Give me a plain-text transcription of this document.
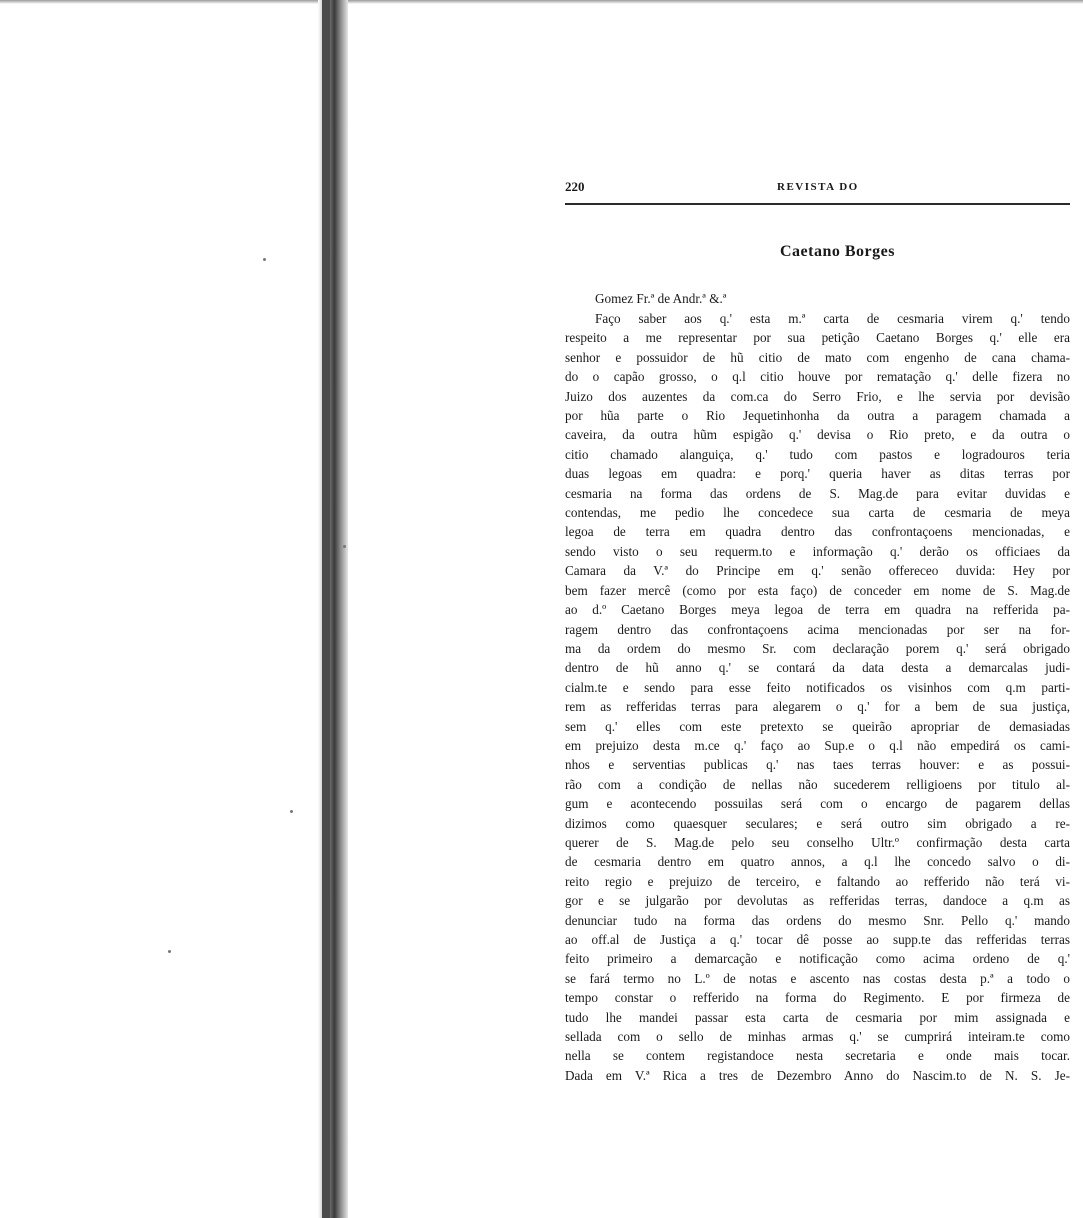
220	REVISTA DO
Caetano Borges
Gomez Fr.ª de Andr.ª &.ª
Faço saber aos q.' esta m.ª carta de cesmaria virem q.' tendo
respeito a me representar por sua petição Caetano Borges q.' elle era
senhor e possuidor de hũ citio de mato com engenho de cana chama-
do o capão grosso, o q.l citio houve por rematação q.' delle fizera no
Juizo dos auzentes da com.ca do Serro Frio, e lhe servia por devisão
por hũa parte o Rio Jequetinhonha da outra a paragem chamada a
caveira, da outra hũm espigão q.' devisa o Rio preto, e da outra o
citio chamado alanguiça, q.' tudo com pastos e logradouros teria
duas legoas em quadra: e porq.' queria haver as ditas terras por
cesmaria na forma das ordens de S. Mag.de para evitar duvidas e
contendas, me pedio lhe concedece sua carta de cesmaria de meya
legoa de terra em quadra dentro das confrontaçoens mencionadas, e
sendo visto o seu requerm.to e informação q.' derão os officiaes da
Camara da V.ª do Principe em q.' senão offereceo duvida: Hey por
bem fazer mercê (como por esta faço) de conceder em nome de S. Mag.de
ao d.º Caetano Borges meya legoa de terra em quadra na refferida pa-
ragem dentro das confrontaçoens acima mencionadas por ser na for-
ma da ordem do mesmo Sr. com declaração porem q.' será obrigado
dentro de hũ anno q.' se contará da data desta a demarcalas judi-
cialm.te e sendo para esse feito notificados os visinhos com q.m parti-
rem as refferidas terras para alegarem o q.' for a bem de sua justiça,
sem q.' elles com este pretexto se queirão apropriar de demasiadas
em prejuizo desta m.ce q.' faço ao Sup.e o q.l não empedirá os cami-
nhos e serventias publicas q.' nas taes terras houver: e as possui-
rão com a condição de nellas não sucederem relligioens por titulo al-
gum e acontecendo possuilas será com o encargo de pagarem dellas
dizimos como quaesquer seculares; e será outro sim obrigado a re-
querer de S. Mag.de pelo seu conselho Ultr.º confirmação desta carta
de cesmaria dentro em quatro annos, a q.l lhe concedo salvo o di-
reito regio e prejuizo de terceiro, e faltando ao refferido não terá vi-
gor e se julgarão por devolutas as refferidas terras, dandoce a q.m as
denunciar tudo na forma das ordens do mesmo Snr. Pello q.' mando
ao off.al de Justiça a q.' tocar dê posse ao supp.te das refferidas terras
feito primeiro a demarcação e notificação como acima ordeno de q.'
se fará termo no L.º de notas e ascento nas costas desta p.ª a todo o
tempo constar o refferido na forma do Regimento. E por firmeza de
tudo lhe mandei passar esta carta de cesmaria por mim assignada e
sellada com o sello de minhas armas q.' se cumprirá inteiram.te como
nella se contem registandoce nesta secretaria e onde mais tocar.
Dada em V.ª Rica a tres de Dezembro Anno do Nascim.to de N. S. Je-
